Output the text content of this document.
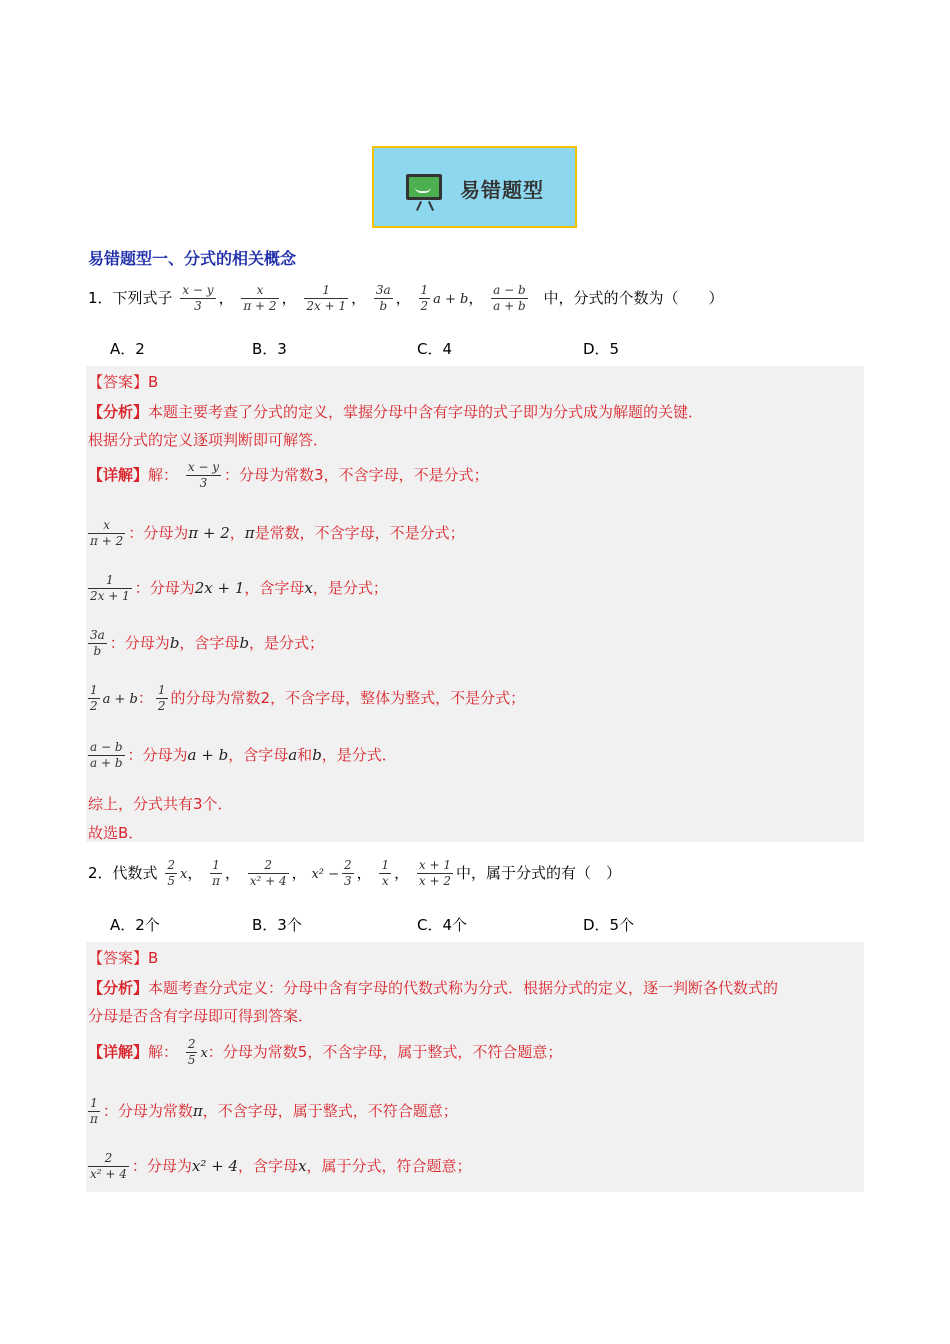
易错题型
易错题型一、分式的相关概念
1．下列式子 $\frac{x - y}{3}$ ， $\frac{x}{\pi + 2}$ ， $\frac{1}{2x + 1}$ ， $\frac{3a}{b}$ ， $\frac{1}{2}$ a + b， $\frac{a - b}{a + b}$ 中，分式的个数为（　　）
A．2	B．3	C．4	D．5
【答案】B
【分析】本题主要考查了分式的定义，掌握分母中含有字母的式子即为分式成为解题的关键．
根据分式的定义逐项判断即可解答．
【详解】解： $\frac{x - y}{3}$ ：分母为常数3，不含字母，不是分式；
$\frac{x}{\pi + 2}$ ：分母为π + 2，π是常数，不含字母，不是分式；
$\frac{1}{2x + 1}$ ：分母为2x + 1，含字母x，是分式；
$\frac{3a}{b}$ ：分母为b，含字母b，是分式；
$\frac{1}{2}$ a + b： $\frac{1}{2}$ 的分母为常数2，不含字母，整体为整式，不是分式；
$\frac{a - b}{a + b}$ ：分母为a + b，含字母a和b，是分式．
综上，分式共有3个．
故选B．
2．代数式 $\frac{2}{5}$ x， $\frac{1}{\pi}$ ， $\frac{2}{\text{x² + 4}}$ ， $x^2 - \frac{2}{3}$ ， $\frac{1}{x}$ ， $\frac{x + 1}{x + 2}$ 中，属于分式的有（　）
A．2个	B．3个	C．4个	D．5个
【答案】B
【分析】本题考查分式定义：分母中含有字母的代数式称为分式．根据分式的定义，逐一判断各代数式的
分母是否含有字母即可得到答案．
【详解】解： $\frac{2}{5}$ x：分母为常数5，不含字母，属于整式，不符合题意；
$\frac{1}{\pi}$ ：分母为常数π，不含字母，属于整式，不符合题意；
$\frac{2}{\text{x² + 4}}$ ：分母为x² + 4，含字母x，属于分式，符合题意；
